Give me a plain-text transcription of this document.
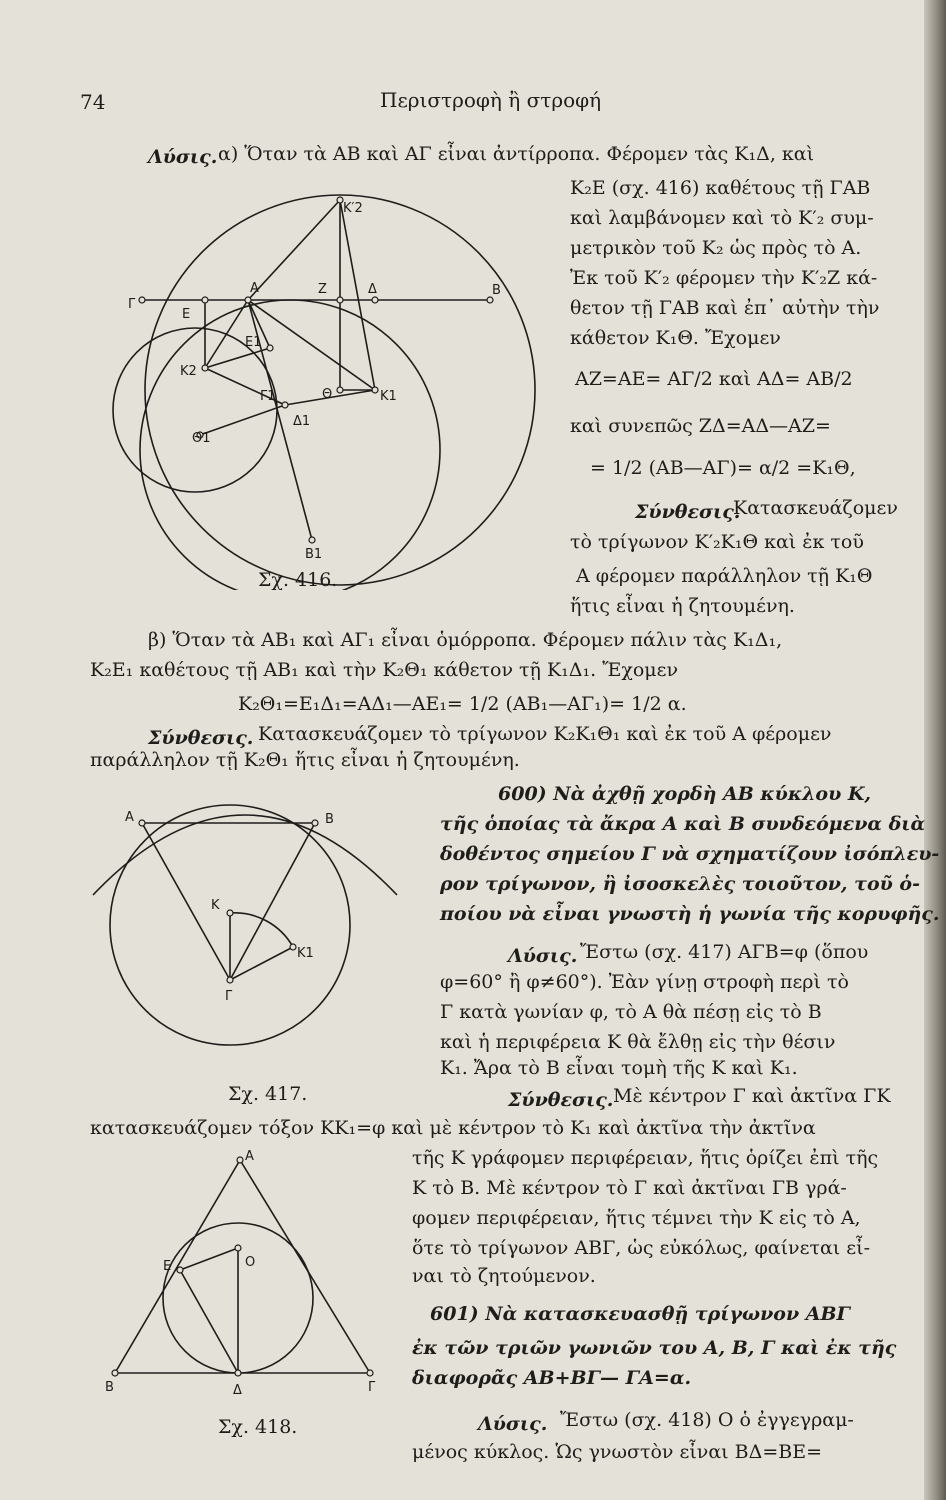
74	Περιστροφὴ ἢ στροφή
Λύσις. α) Ὅταν τὰ ΑΒ καὶ ΑΓ εἶναι ἀντίρροπα. Φέρομεν τὰς Κ₁Δ, καὶ
Κ₂Ε (σχ. 416) καθέτους τῇ ΓΑΒ
καὶ λαμβάνομεν καὶ τὸ Κ′₂ συμ-
μετρικὸν τοῦ Κ₂ ὡς πρὸς τὸ Α.
Ἐκ τοῦ Κ′₂ φέρομεν τὴν Κ′₂Ζ κά-
θετον τῇ ΓΑΒ καὶ ἐπ᾽ αὐτὴν τὴν
κάθετον Κ₁Θ. Ἔχομεν
ΑΖ=ΑΕ= ΑΓ/2 καὶ ΑΔ= ΑΒ/2
καὶ συνεπῶς ΖΔ=ΑΔ—ΑΖ=
= 1/2 (ΑΒ—ΑΓ)= α/2 =Κ₁Θ,
Σύνθεσις.
Κατασκευάζομεν
τὸ τρίγωνον Κ′₂Κ₁Θ καὶ ἐκ τοῦ
Α φέρομεν παράλληλον τῇ Κ₁Θ
ἥτις εἶναι ἡ ζητουμένη.
K′2
A	Z	Δ	B
Γ
E
E1
K2
Γ1	Θ	K1
Θ1
Δ1
B1
Σχ. 416.
β) Ὅταν τὰ ΑΒ₁ καὶ ΑΓ₁ εἶναι ὁμόρροπα. Φέρομεν πάλιν τὰς Κ₁Δ₁,
Κ₂Ε₁ καθέτους τῇ ΑΒ₁ καὶ τὴν Κ₂Θ₁ κάθετον τῇ Κ₁Δ₁. Ἔχομεν
Κ₂Θ₁=Ε₁Δ₁=ΑΔ₁—ΑΕ₁= 1/2 (ΑΒ₁—ΑΓ₁)= 1/2 α.
Σύνθεσις. Κατασκευάζομεν τὸ τρίγωνον Κ₂Κ₁Θ₁ καὶ ἐκ τοῦ Α φέρομεν
παράλληλον τῇ Κ₂Θ₁ ἥτις εἶναι ἡ ζητουμένη.
A	B
K
K1
Γ
Σχ. 417.
600) Νὰ ἀχθῇ χορδὴ ΑΒ κύκλου Κ,
τῆς ὁποίας τὰ ἄκρα Α καὶ Β συνδεόμενα διὰ
δοθέντος σημείου Γ νὰ σχηματίζουν ἰσόπλευ-
ρον τρίγωνον, ἢ ἰσοσκελὲς τοιοῦτον, τοῦ ὁ-
ποίου νὰ εἶναι γνωστὴ ἡ γωνία τῆς κορυφῆς.
Λύσις. Ἔστω (σχ. 417) ΑΓΒ=φ (ὅπου
φ=60° ἢ φ≠60°). Ἐὰν γίνῃ στροφὴ περὶ τὸ
Γ κατὰ γωνίαν φ, τὸ Α θὰ πέσῃ εἰς τὸ Β
καὶ ἡ περιφέρεια Κ θὰ ἔλθῃ εἰς τὴν θέσιν
Κ₁. Ἄρα τὸ Β εἶναι τομὴ τῆς Κ καὶ Κ₁.
Σύνθεσις. Μὲ κέντρον Γ καὶ ἀκτῖνα ΓΚ
κατασκευάζομεν τόξον ΚΚ₁=φ καὶ μὲ κέντρον τὸ Κ₁ καὶ ἀκτῖνα τὴν ἀκτῖνα
τῆς Κ γράφομεν περιφέρειαν, ἥτις ὁρίζει ἐπὶ τῆς
Κ τὸ Β. Μὲ κέντρον τὸ Γ καὶ ἀκτῖναι ΓΒ γρά-
φομεν περιφέρειαν, ἥτις τέμνει τὴν Κ εἰς τὸ Α,
ὅτε τὸ τρίγωνον ΑΒΓ, ὡς εὐκόλως, φαίνεται εἶ-
ναι τὸ ζητούμενον.
A
E	O
B	Δ	Γ
Σχ. 418.
601) Νὰ κατασκευασθῇ τρίγωνον ΑΒΓ
ἐκ τῶν τριῶν γωνιῶν του Α, Β, Γ καὶ ἐκ τῆς
διαφορᾶς ΑΒ+ΒΓ— ΓΑ=α.
Λύσις. Ἔστω (σχ. 418) Ο ὁ ἐγγεγραμ-
μένος κύκλος. Ὡς γνωστὸν εἶναι ΒΔ=ΒΕ=
